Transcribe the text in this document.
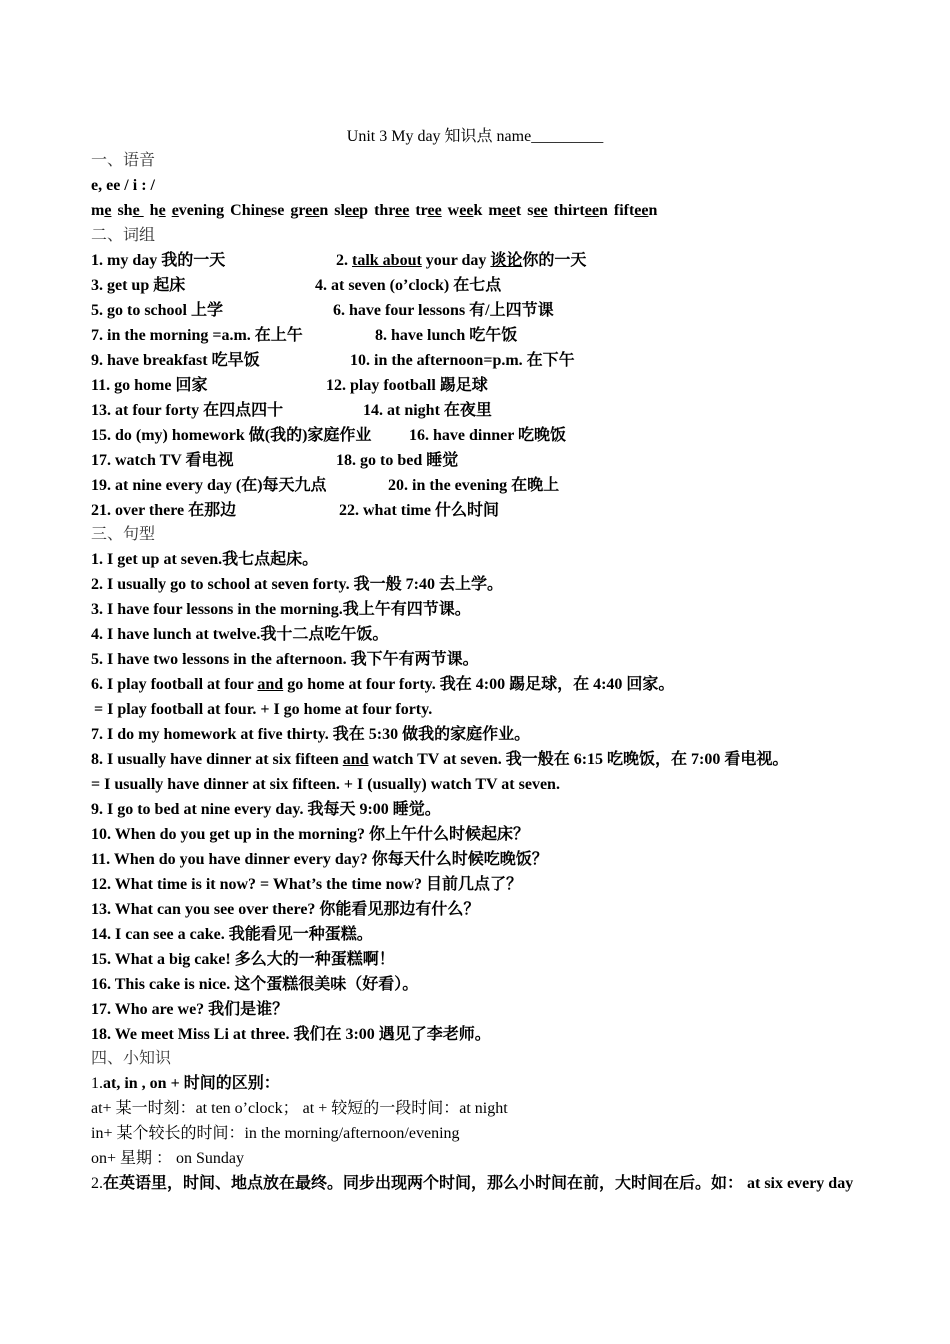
Unit 3 My day 知识点 name_________
一、语音
e, ee / i : /
me she he evening Chinese green sleep three tree week meet see thirteen fifteen
二、词组
1. my day 我的一天	2. talk about your day 谈论你的一天
3. get up 起床	4. at seven (o’clock) 在七点
5. go to school 上学	6. have four lessons 有/上四节课
7. in the morning =a.m. 在上午	8. have lunch 吃午饭
9. have breakfast 吃早饭	10. in the afternoon=p.m. 在下午
11. go home 回家	12. play football 踢足球
13. at four forty 在四点四十	14. at night 在夜里
15. do (my) homework 做(我的)家庭作业 16. have dinner 吃晚饭
17. watch TV 看电视	18. go to bed 睡觉
19. at nine every day (在)每天九点	20. in the evening 在晚上
21. over there 在那边	22. what time 什么时间
三、句型
1. I get up at seven.我七点起床。
2. I usually go to school at seven forty. 我一般 7:40 去上学。
3. I have four lessons in the morning.我上午有四节课。
4. I have lunch at twelve.我十二点吃午饭。
5. I have two lessons in the afternoon. 我下午有两节课。
6. I play football at four and go home at four forty. 我在 4:00 踢足球，在 4:40 回家。
= I play football at four. + I go home at four forty.
7. I do my homework at five thirty. 我在 5:30 做我的家庭作业。
8. I usually have dinner at six fifteen and watch TV at seven. 我一般在 6:15 吃晚饭，在 7:00 看电视。
= I usually have dinner at six fifteen. + I (usually) watch TV at seven.
9. I go to bed at nine every day. 我每天 9:00 睡觉。
10. When do you get up in the morning? 你上午什么时候起床？
11. When do you have dinner every day? 你每天什么时候吃晚饭？
12. What time is it now? = What’s the time now? 目前几点了？
13. What can you see over there? 你能看见那边有什么？
14. I can see a cake. 我能看见一种蛋糕。
15. What a big cake! 多么大的一种蛋糕啊！
16. This cake is nice. 这个蛋糕很美味（好看）。
17. Who are we? 我们是谁？
18. We meet Miss Li at three. 我们在 3:00 遇见了李老师。
四、小知识
1.at, in , on + 时间的区别：
at+ 某一时刻：at ten o’clock； at + 较短的一段时间：at night
in+ 某个较长的时间：in the morning/afternoon/evening
on+ 星期 ： on Sunday
2.在英语里，时间、地点放在最终。同步出现两个时间，那么小时间在前，大时间在后。如： at six every day
